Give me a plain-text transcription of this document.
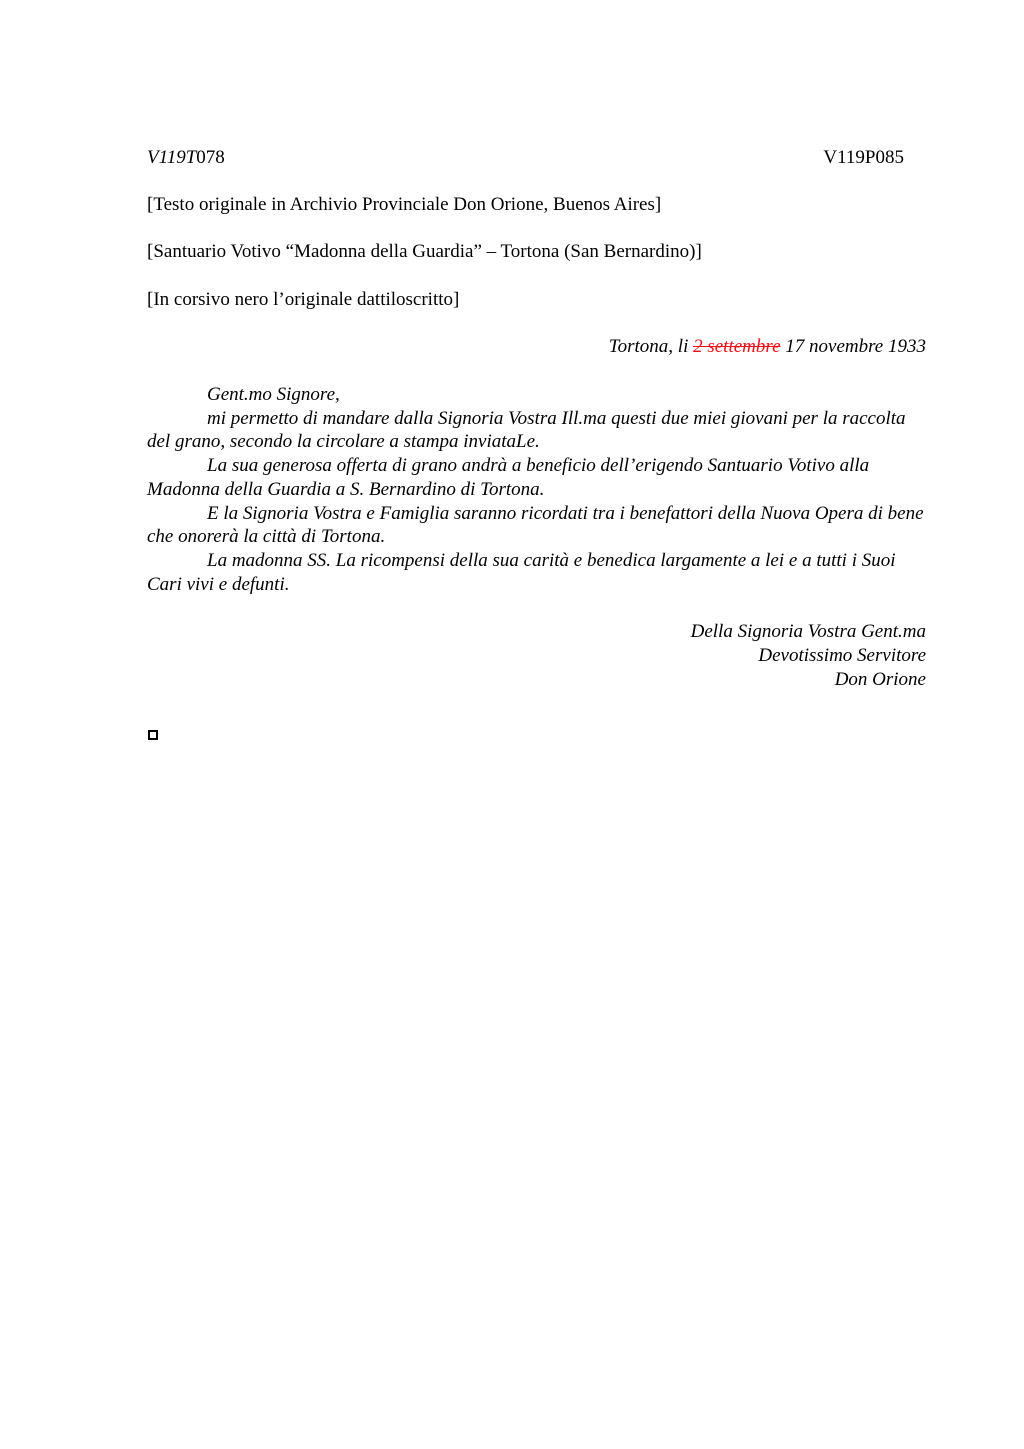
V119T078	V119P085
[Testo originale in Archivio Provinciale Don Orione, Buenos Aires]
[Santuario Votivo “Madonna della Guardia” – Tortona (San Bernardino)]
[In corsivo nero l’originale dattiloscritto]
Tortona, li 2 settembre 17 novembre 1933

Gent.mo Signore,

mi permetto di mandare dalla Signoria Vostra Ill.ma questi due miei giovani per la raccolta del grano, secondo la circolare a stampa inviataLe.

La sua generosa offerta di grano andrà a beneficio dell’erigendo Santuario Votivo alla Madonna della Guardia a S. Bernardino di Tortona.

E la Signoria Vostra e Famiglia saranno ricordati tra i benefattori della Nuova Opera di bene che onorerà la città di Tortona.

La madonna SS. La ricompensi della sua carità e benedica largamente a lei e a tutti i Suoi Cari vivi e defunti.

Della Signoria Vostra Gent.ma
Devotissimo Servitore
Don Orione
